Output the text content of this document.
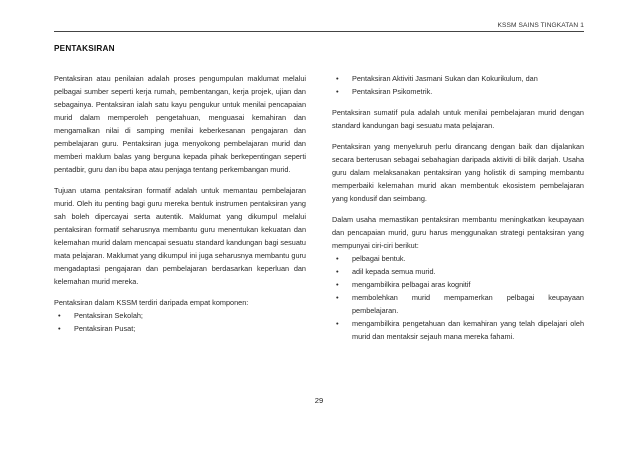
KSSM SAINS TINGKATAN 1
PENTAKSIRAN

Pentaksiran atau penilaian adalah proses pengumpulan maklumat melalui pelbagai sumber seperti kerja rumah, pembentangan, kerja projek, ujian dan sebagainya. Pentaksiran ialah satu kayu pengukur untuk menilai pencapaian murid dalam memperoleh pengetahuan, menguasai kemahiran dan mengamalkan nilai di samping menilai keberkesanan pengajaran dan pembelajaran guru. Pentaksiran juga menyokong pembelajaran murid dan memberi maklum balas yang berguna kepada pihak berkepentingan seperti pentadbir, guru dan ibu bapa atau penjaga tentang perkembangan murid.

Tujuan utama pentaksiran formatif adalah untuk memantau pembelajaran murid. Oleh itu penting bagi guru mereka bentuk instrumen pentaksiran yang sah boleh dipercayai serta autentik. Maklumat yang dikumpul melalui pentaksiran formatif seharusnya membantu guru menentukan kekuatan dan kelemahan murid dalam mencapai sesuatu standard kandungan bagi sesuatu mata pelajaran. Maklumat yang dikumpul ini juga seharusnya membantu guru mengadaptasi pengajaran dan pembelajaran berdasarkan keperluan dan kelemahan murid mereka.

Pentaksiran dalam KSSM terdiri daripada empat komponen:

• Pentaksiran Sekolah;
• Pentaksiran Pusat;
• Pentaksiran Aktiviti Jasmani Sukan dan Kokurikulum, dan
• Pentaksiran Psikometrik.

Pentaksiran sumatif pula adalah untuk menilai pembelajaran murid dengan standard kandungan bagi sesuatu mata pelajaran.

Pentaksiran yang menyeluruh perlu dirancang dengan baik dan dijalankan secara berterusan sebagai sebahagian daripada aktiviti di bilik darjah. Usaha guru dalam melaksanakan pentaksiran yang holistik di samping membantu memperbaiki kelemahan murid akan membentuk ekosistem pembelajaran yang kondusif dan seimbang.

Dalam usaha memastikan pentaksiran membantu meningkatkan keupayaan dan pencapaian murid, guru harus menggunakan strategi pentaksiran yang mempunyai ciri-ciri berikut:

• pelbagai bentuk.
• adil kepada semua murid.
• mengambilkira pelbagai aras kognitif
• membolehkan murid mempamerkan pelbagai keupayaan pembelajaran.
• mengambilkira pengetahuan dan kemahiran yang telah dipelajari oleh murid dan mentaksir sejauh mana mereka fahami.
29
